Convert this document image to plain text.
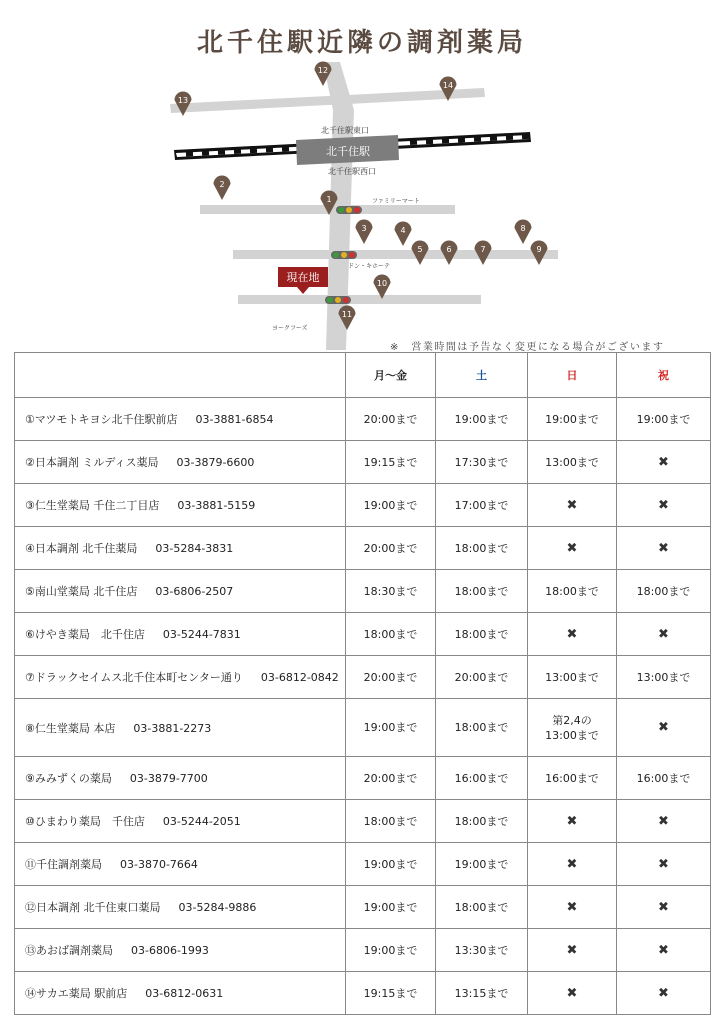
北千住駅近隣の調剤薬局
北千住駅
北千住駅東口
北千住駅西口
ファミリーマート
ドン・キホーテ
ヨークフーズ
現在地
1
2
3	4
5	6	7
8
9
10
11
12
13
14
※　営業時間は予告なく変更になる場合がございます
	月～金	土	日	祝
①マツモトキヨシ北千住駅前店 03-3881-6854	20:00まで	19:00まで	19:00まで	19:00まで
②日本調剤 ミルディス薬局 03-3879-6600	19:15まで	17:30まで	13:00まで	✖
③仁生堂薬局 千住二丁目店 03-3881-5159	19:00まで	17:00まで	✖	✖
④日本調剤 北千住薬局 03-5284-3831	20:00まで	18:00まで	✖	✖
⑤南山堂薬局 北千住店 03-6806-2507	18:30まで	18:00まで	18:00まで	18:00まで
⑥けやき薬局　北千住店 03-5244-7831	18:00まで	18:00まで	✖	✖
⑦ドラックセイムス北千住本町センター通り 03-6812-0842	20:00まで	20:00まで	13:00まで	13:00まで
⑧仁生堂薬局 本店 03-3881-2273	19:00まで	18:00まで	第2,4の
13:00まで	✖
⑨みみずくの薬局 03-3879-7700	20:00まで	16:00まで	16:00まで	16:00まで
⑩ひまわり薬局　千住店 03-5244-2051	18:00まで	18:00まで	✖	✖
⑪千住調剤薬局 03-3870-7664	19:00まで	19:00まで	✖	✖
⑫日本調剤 北千住東口薬局 03-5284-9886	19:00まで	18:00まで	✖	✖
⑬あおば調剤薬局 03-6806-1993	19:00まで	13:30まで	✖	✖
⑭サカエ薬局 駅前店 03-6812-0631	19:15まで	13:15まで	✖	✖
